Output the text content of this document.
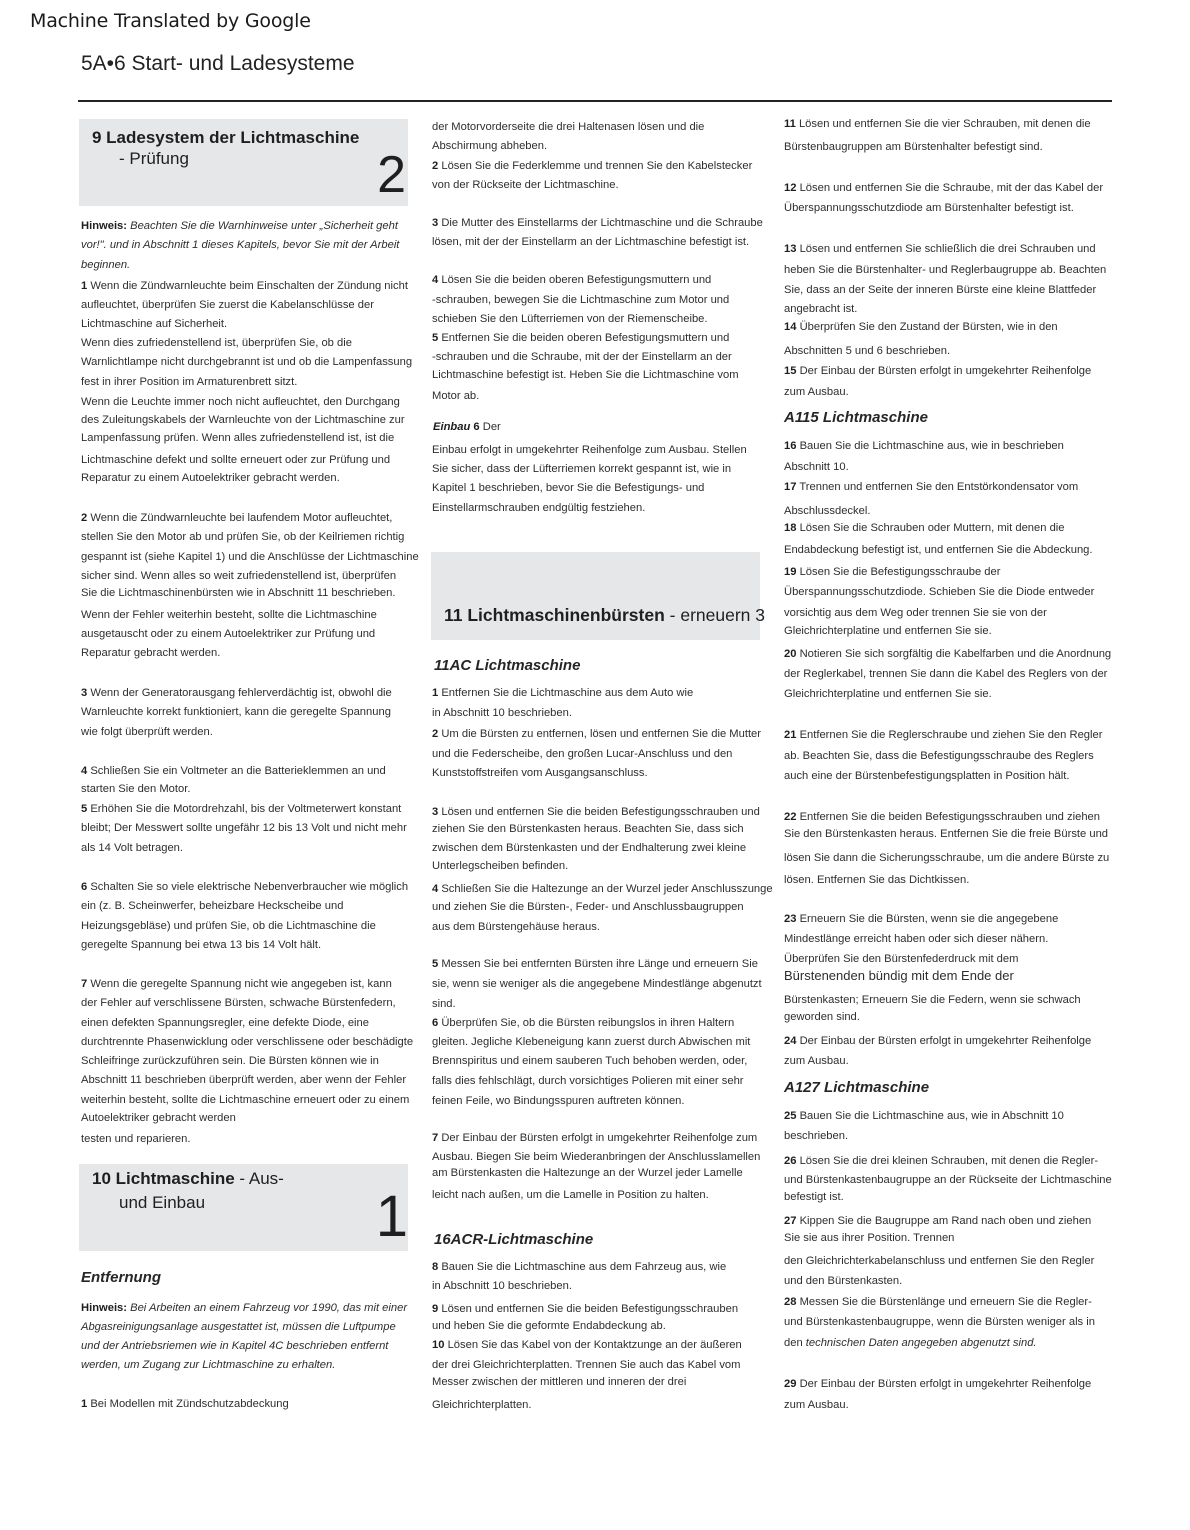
Machine Translated by Google
5A•6 Start- und Ladesysteme
9 Ladesystem der Lichtmaschine
- Prüfung	2
Hinweis: Beachten Sie die Warnhinweise unter „Sicherheit geht
vor!". und in Abschnitt 1 dieses Kapitels, bevor Sie mit der Arbeit
beginnen.
1 Wenn die Zündwarnleuchte beim Einschalten der Zündung nicht
aufleuchtet, überprüfen Sie zuerst die Kabelanschlüsse der
Lichtmaschine auf Sicherheit.
Wenn dies zufriedenstellend ist, überprüfen Sie, ob die
Warnlichtlampe nicht durchgebrannt ist und ob die Lampenfassung
fest in ihrer Position im Armaturenbrett sitzt.
Wenn die Leuchte immer noch nicht aufleuchtet, den Durchgang
des Zuleitungskabels der Warnleuchte von der Lichtmaschine zur
Lampenfassung prüfen. Wenn alles zufriedenstellend ist, ist die
Lichtmaschine defekt und sollte erneuert oder zur Prüfung und
Reparatur zu einem Autoelektriker gebracht werden.
2 Wenn die Zündwarnleuchte bei laufendem Motor aufleuchtet,
stellen Sie den Motor ab und prüfen Sie, ob der Keilriemen richtig
gespannt ist (siehe Kapitel 1) und die Anschlüsse der Lichtmaschine
sicher sind. Wenn alles so weit zufriedenstellend ist, überprüfen
Sie die Lichtmaschinenbürsten wie in Abschnitt 11 beschrieben.
Wenn der Fehler weiterhin besteht, sollte die Lichtmaschine
ausgetauscht oder zu einem Autoelektriker zur Prüfung und
Reparatur gebracht werden.
3 Wenn der Generatorausgang fehlerverdächtig ist, obwohl die
Warnleuchte korrekt funktioniert, kann die geregelte Spannung
wie folgt überprüft werden.
4 Schließen Sie ein Voltmeter an die Batterieklemmen an und
starten Sie den Motor.
5 Erhöhen Sie die Motordrehzahl, bis der Voltmeterwert konstant
bleibt; Der Messwert sollte ungefähr 12 bis 13 Volt und nicht mehr
als 14 Volt betragen.
6 Schalten Sie so viele elektrische Nebenverbraucher wie möglich
ein (z. B. Scheinwerfer, beheizbare Heckscheibe und
Heizungsgebläse) und prüfen Sie, ob die Lichtmaschine die
geregelte Spannung bei etwa 13 bis 14 Volt hält.
7 Wenn die geregelte Spannung nicht wie angegeben ist, kann
der Fehler auf verschlissene Bürsten, schwache Bürstenfedern,
einen defekten Spannungsregler, eine defekte Diode, eine
durchtrennte Phasenwicklung oder verschlissene oder beschädigte
Schleifringe zurückzuführen sein. Die Bürsten können wie in
Abschnitt 11 beschrieben überprüft werden, aber wenn der Fehler
weiterhin besteht, sollte die Lichtmaschine erneuert oder zu einem
Autoelektriker gebracht werden
testen und reparieren.
10 Lichtmaschine - Aus-
und Einbau	1
Entfernung
Hinweis: Bei Arbeiten an einem Fahrzeug vor 1990, das mit einer
Abgasreinigungsanlage ausgestattet ist, müssen die Luftpumpe
und der Antriebsriemen wie in Kapitel 4C beschrieben entfernt
werden, um Zugang zur Lichtmaschine zu erhalten.
1 Bei Modellen mit Zündschutzabdeckung
der Motorvorderseite die drei Haltenasen lösen und die
Abschirmung abheben.
2 Lösen Sie die Federklemme und trennen Sie den Kabelstecker
von der Rückseite der Lichtmaschine.
3 Die Mutter des Einstellarms der Lichtmaschine und die Schraube
lösen, mit der der Einstellarm an der Lichtmaschine befestigt ist.
4 Lösen Sie die beiden oberen Befestigungsmuttern und
-schrauben, bewegen Sie die Lichtmaschine zum Motor und
schieben Sie den Lüfterriemen von der Riemenscheibe.
5 Entfernen Sie die beiden oberen Befestigungsmuttern und
-schrauben und die Schraube, mit der der Einstellarm an der
Lichtmaschine befestigt ist. Heben Sie die Lichtmaschine vom
Motor ab.
Einbau 6 Der
Einbau erfolgt in umgekehrter Reihenfolge zum Ausbau. Stellen
Sie sicher, dass der Lüfterriemen korrekt gespannt ist, wie in
Kapitel 1 beschrieben, bevor Sie die Befestigungs- und
Einstellarmschrauben endgültig festziehen.
11 Lichtmaschinenbürsten - erneuern 3
11AC Lichtmaschine
1 Entfernen Sie die Lichtmaschine aus dem Auto wie
in Abschnitt 10 beschrieben.
2 Um die Bürsten zu entfernen, lösen und entfernen Sie die Mutter
und die Federscheibe, den großen Lucar-Anschluss und den
Kunststoffstreifen vom Ausgangsanschluss.
3 Lösen und entfernen Sie die beiden Befestigungsschrauben und
ziehen Sie den Bürstenkasten heraus. Beachten Sie, dass sich
zwischen dem Bürstenkasten und der Endhalterung zwei kleine
Unterlegscheiben befinden.
4 Schließen Sie die Haltezunge an der Wurzel jeder Anschlusszunge
und ziehen Sie die Bürsten-, Feder- und Anschlussbaugruppen
aus dem Bürstengehäuse heraus.
5 Messen Sie bei entfernten Bürsten ihre Länge und erneuern Sie
sie, wenn sie weniger als die angegebene Mindestlänge abgenutzt
sind.
6 Überprüfen Sie, ob die Bürsten reibungslos in ihren Haltern
gleiten. Jegliche Klebeneigung kann zuerst durch Abwischen mit
Brennspiritus und einem sauberen Tuch behoben werden, oder,
falls dies fehlschlägt, durch vorsichtiges Polieren mit einer sehr
feinen Feile, wo Bindungsspuren auftreten können.
7 Der Einbau der Bürsten erfolgt in umgekehrter Reihenfolge zum
Ausbau. Biegen Sie beim Wiederanbringen der Anschlusslamellen
am Bürstenkasten die Haltezunge an der Wurzel jeder Lamelle
leicht nach außen, um die Lamelle in Position zu halten.
16ACR-Lichtmaschine
8 Bauen Sie die Lichtmaschine aus dem Fahrzeug aus, wie
in Abschnitt 10 beschrieben.
9 Lösen und entfernen Sie die beiden Befestigungsschrauben
und heben Sie die geformte Endabdeckung ab.
10 Lösen Sie das Kabel von der Kontaktzunge an der äußeren
der drei Gleichrichterplatten. Trennen Sie auch das Kabel vom
Messer zwischen der mittleren und inneren der drei
Gleichrichterplatten.
11 Lösen und entfernen Sie die vier Schrauben, mit denen die
Bürstenbaugruppen am Bürstenhalter befestigt sind.
12 Lösen und entfernen Sie die Schraube, mit der das Kabel der
Überspannungsschutzdiode am Bürstenhalter befestigt ist.
13 Lösen und entfernen Sie schließlich die drei Schrauben und
heben Sie die Bürstenhalter- und Reglerbaugruppe ab. Beachten
Sie, dass an der Seite der inneren Bürste eine kleine Blattfeder
angebracht ist.
14 Überprüfen Sie den Zustand der Bürsten, wie in den
Abschnitten 5 und 6 beschrieben.
15 Der Einbau der Bürsten erfolgt in umgekehrter Reihenfolge
zum Ausbau.
A115 Lichtmaschine
16 Bauen Sie die Lichtmaschine aus, wie in beschrieben
Abschnitt 10.
17 Trennen und entfernen Sie den Entstörkondensator vom
Abschlussdeckel.
18 Lösen Sie die Schrauben oder Muttern, mit denen die
Endabdeckung befestigt ist, und entfernen Sie die Abdeckung.
19 Lösen Sie die Befestigungsschraube der
Überspannungsschutzdiode. Schieben Sie die Diode entweder
vorsichtig aus dem Weg oder trennen Sie sie von der
Gleichrichterplatine und entfernen Sie sie.
20 Notieren Sie sich sorgfältig die Kabelfarben und die Anordnung
der Reglerkabel, trennen Sie dann die Kabel des Reglers von der
Gleichrichterplatine und entfernen Sie sie.
21 Entfernen Sie die Reglerschraube und ziehen Sie den Regler
ab. Beachten Sie, dass die Befestigungsschraube des Reglers
auch eine der Bürstenbefestigungsplatten in Position hält.
22 Entfernen Sie die beiden Befestigungsschrauben und ziehen
Sie den Bürstenkasten heraus. Entfernen Sie die freie Bürste und
lösen Sie dann die Sicherungsschraube, um die andere Bürste zu
lösen. Entfernen Sie das Dichtkissen.
23 Erneuern Sie die Bürsten, wenn sie die angegebene
Mindestlänge erreicht haben oder sich dieser nähern.
Überprüfen Sie den Bürstenfederdruck mit dem
Bürstenenden bündig mit dem Ende der
Bürstenkasten; Erneuern Sie die Federn, wenn sie schwach
geworden sind.
24 Der Einbau der Bürsten erfolgt in umgekehrter Reihenfolge
zum Ausbau.
A127 Lichtmaschine
25 Bauen Sie die Lichtmaschine aus, wie in Abschnitt 10
beschrieben.
26 Lösen Sie die drei kleinen Schrauben, mit denen die Regler-
und Bürstenkastenbaugruppe an der Rückseite der Lichtmaschine
befestigt ist.
27 Kippen Sie die Baugruppe am Rand nach oben und ziehen
Sie sie aus ihrer Position. Trennen
den Gleichrichterkabelanschluss und entfernen Sie den Regler
und den Bürstenkasten.
28 Messen Sie die Bürstenlänge und erneuern Sie die Regler-
und Bürstenkastenbaugruppe, wenn die Bürsten weniger als in
den technischen Daten angegeben abgenutzt sind.
29 Der Einbau der Bürsten erfolgt in umgekehrter Reihenfolge
zum Ausbau.
